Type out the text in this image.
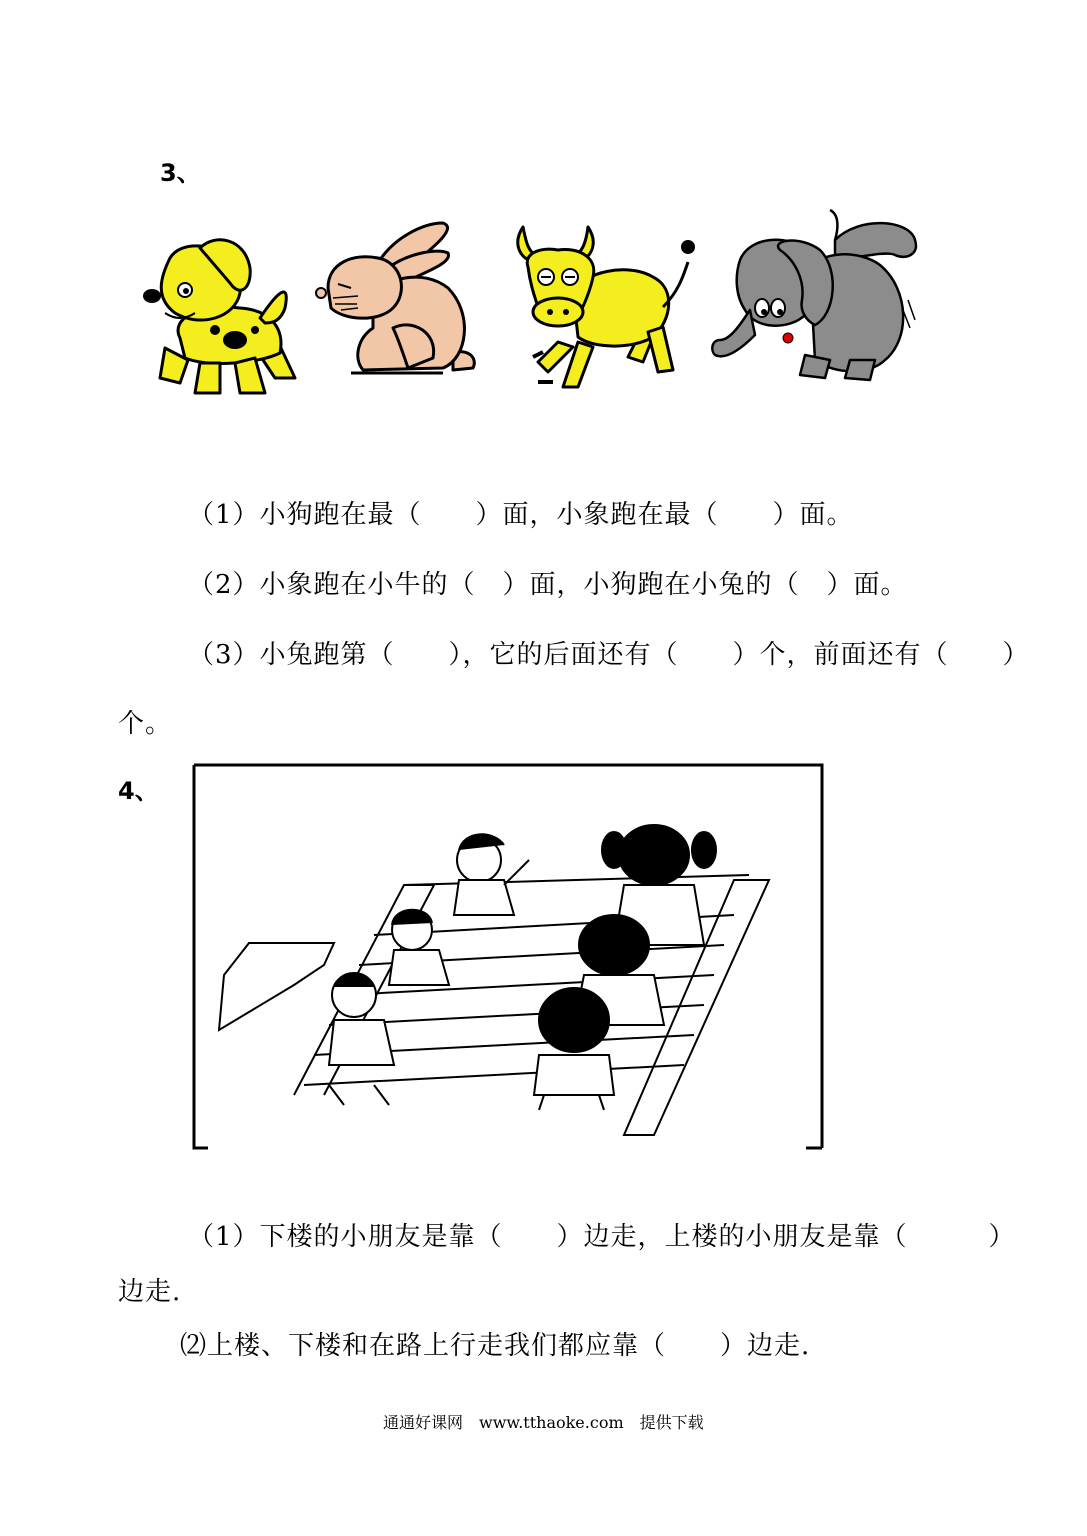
3、
（1）小狗跑在最（　　）面，小象跑在最（　　）面。
（2）小象跑在小牛的（　）面，小狗跑在小兔的（　）面。
（3）小兔跑第（　　），它的后面还有（　　）个，前面还有（　　）
个。
4、
（1）下楼的小朋友是靠（　　）边走，上楼的小朋友是靠（　　　）
边走.
⑵上楼、下楼和在路上行走我们都应靠（　　）边走.
通通好课网　www.tthaoke.com　提供下载
